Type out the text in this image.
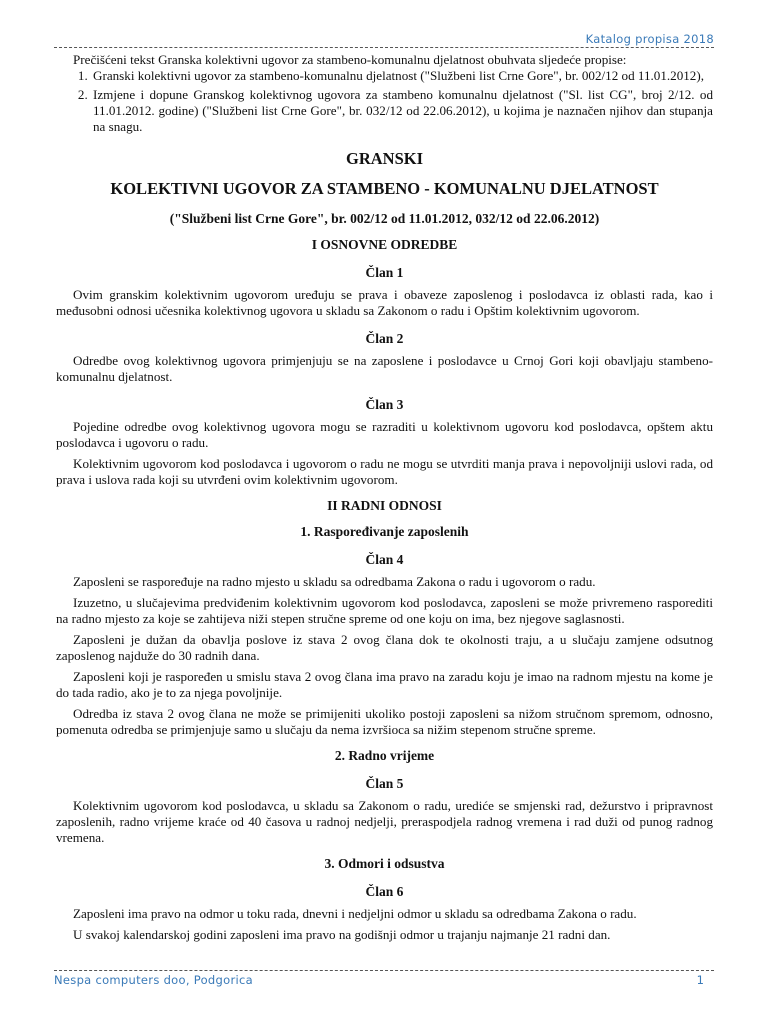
Katalog propisa 2018

Prečišćeni tekst Granska kolektivni ugovor za stambeno-komunalnu djelatnost obuhvata sljedeće propise:

1. Granski kolektivni ugovor za stambeno-komunalnu djelatnost ("Službeni list Crne Gore", br. 002/12 od 11.01.2012),
2. Izmjene i dopune Granskog kolektivnog ugovora za stambeno komunalnu djelatnost ("Sl. list CG", broj 2/12. od 11.01.2012. godine) ("Službeni list Crne Gore", br. 032/12 od 22.06.2012), u kojima je naznačen njihov dan stupanja na snagu.
GRANSKI
KOLEKTIVNI UGOVOR ZA STAMBENO - KOMUNALNU DJELATNOST
("Službeni list Crne Gore", br. 002/12 od 11.01.2012, 032/12 od 22.06.2012)
I OSNOVNE ODREDBE
Član 1

Ovim granskim kolektivnim ugovorom uređuju se prava i obaveze zaposlenog i poslodavca iz oblasti rada, kao i međusobni odnosi učesnika kolektivnog ugovora u skladu sa Zakonom o radu i Opštim kolektivnim ugovorom.

Član 2

Odredbe ovog kolektivnog ugovora primjenjuju se na zaposlene i poslodavce u Crnoj Gori koji obavljaju stambeno-komunalnu djelatnost.

Član 3

Pojedine odredbe ovog kolektivnog ugovora mogu se razraditi u kolektivnom ugovoru kod poslodavca, opštem aktu poslodavca i ugovoru o radu.

Kolektivnim ugovorom kod poslodavca i ugovorom o radu ne mogu se utvrditi manja prava i nepovoljniji uslovi rada, od prava i uslova rada koji su utvrđeni ovim kolektivnim ugovorom.

II RADNI ODNOSI
1. Raspoređivanje zaposlenih
Član 4

Zaposleni se raspoređuje na radno mjesto u skladu sa odredbama Zakona o radu i ugovorom o radu.

Izuzetno, u slučajevima predviđenim kolektivnim ugovorom kod poslodavca, zaposleni se može privremeno rasporediti na radno mjesto za koje se zahtijeva niži stepen stručne spreme od one koju on ima, bez njegove saglasnosti.

Zaposleni je dužan da obavlja poslove iz stava 2 ovog člana dok te okolnosti traju, a u slučaju zamjene odsutnog zaposlenog najduže do 30 radnih dana.

Zaposleni koji je raspoređen u smislu stava 2 ovog člana ima pravo na zaradu koju je imao na radnom mjestu na kome je do tada radio, ako je to za njega povoljnije.

Odredba iz stava 2 ovog člana ne može se primijeniti ukoliko postoji zaposleni sa nižom stručnom spremom, odnosno, pomenuta odredba se primjenjuje samo u slučaju da nema izvršioca sa nižim stepenom stručne spreme.

2. Radno vrijeme
Član 5

Kolektivnim ugovorom kod poslodavca, u skladu sa Zakonom o radu, urediće se smjenski rad, dežurstvo i pripravnost zaposlenih, radno vrijeme kraće od 40 časova u radnoj nedjelji, preraspodjela radnog vremena i rad duži od punog radnog vremena.

3. Odmori i odsustva
Član 6

Zaposleni ima pravo na odmor u toku rada, dnevni i nedjeljni odmor u skladu sa odredbama Zakona o radu.

U svakoj kalendarskoj godini zaposleni ima pravo na godišnji odmor u trajanju najmanje 21 radni dan.

Nespa computers doo, Podgorica	1
